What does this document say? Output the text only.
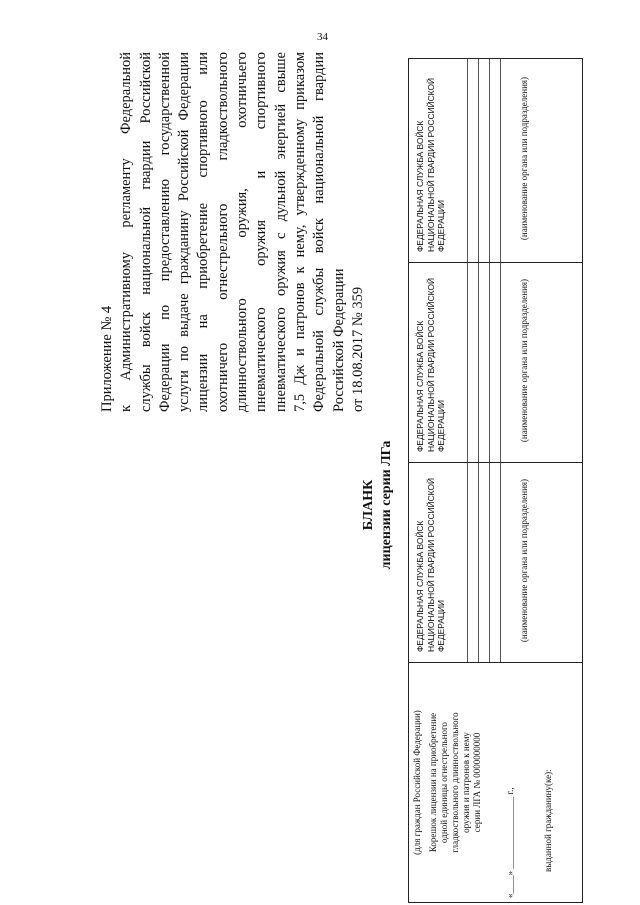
34
Приложение № 4 к Административному регламенту Федеральной службы войск национальной гвардии Российской Федерации по предоставлению государственной услуги по выдаче гражданину Российской Федерации лицензии на приобретение спортивного или охотничего огнестрельного гладкоствольного длинноствольного оружия, охотничьего пневматического оружия и спортивного пневматического оружия с дульной энергией свыше 7,5 Дж и патронов к нему, утвержденному приказом Федеральной службы войск национальной гвардии Российской Федерации от 18.08.2017 № 359
БЛАНК лицензии серии ЛГа
(для граждан Российской Федерации) Корешок лицензии на приобретение одной единицы огнестрельного гладкоствольного длинноствольного оружия и патронов к нему серии ЛГА № 0000000000
«____» ________________ г.,	выданной гражданину(ке):
ФЕДЕРАЛЬНАЯ СЛУЖБА ВОЙСК НАЦИОНАЛЬНОЙ ГВАРДИИ РОССИЙСКОЙ ФЕДЕРАЦИИ	(наименование органа или подразделения)
ФЕДЕРАЛЬНАЯ СЛУЖБА ВОЙСК НАЦИОНАЛЬНОЙ ГВАРДИИ РОССИЙСКОЙ ФЕДЕРАЦИИ	(наименование органа или подразделения)
ФЕДЕРАЛЬНАЯ СЛУЖБА ВОЙСК НАЦИОНАЛЬНОЙ ГВАРДИИ РОССИЙСКОЙ ФЕДЕРАЦИИ	(наименование органа или подразделения)
